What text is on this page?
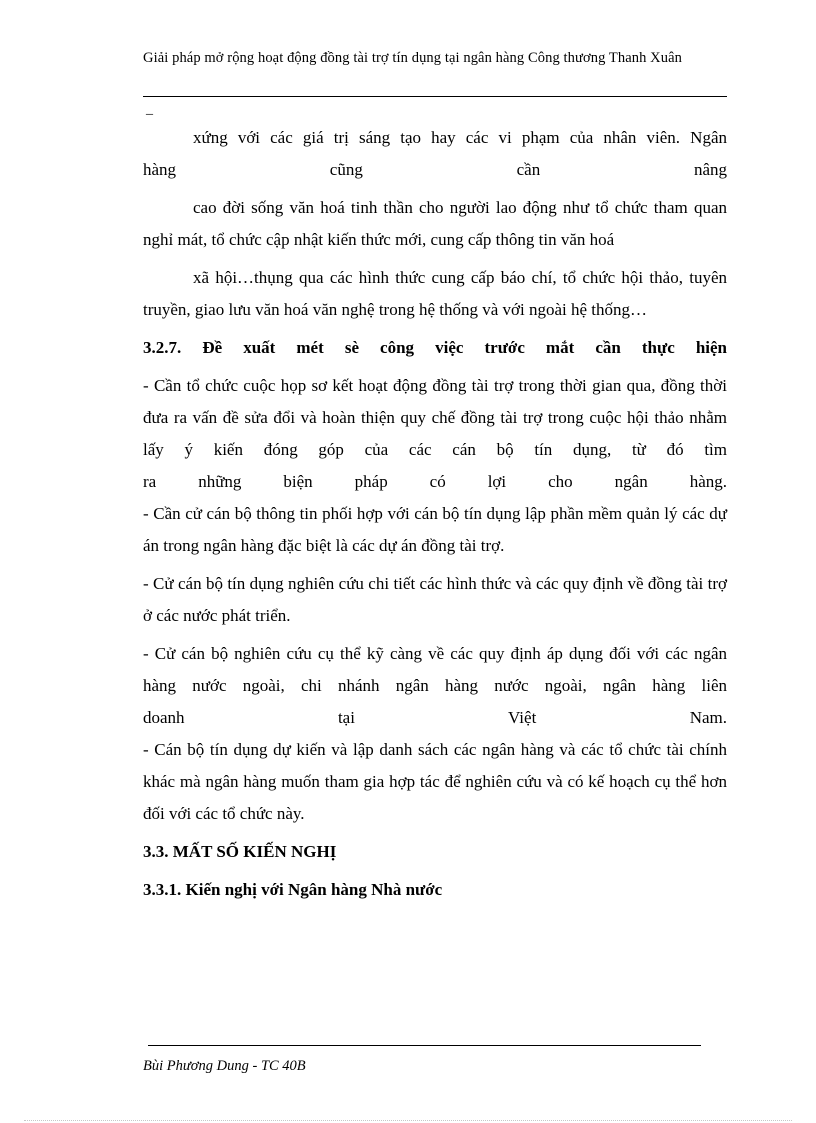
Giải pháp mở rộng hoạt động đồng tài trợ tín dụng tại ngân hàng Công thương Thanh Xuân
_

xứng với các giá trị sáng tạo hay các vi phạm của nhân viên. Ngân

hàng cũng cần nâng

cao đời sống văn hoá tinh thần cho người lao động như tổ chức tham quan nghỉ mát, tổ chức cập nhật kiến thức mới, cung cấp thông tin văn hoá

xã hội…thụng qua các hình thức cung cấp báo chí, tổ chức hội thảo, tuyên truyền, giao lưu văn hoá văn nghệ trong hệ thống và với ngoài hệ thống…

3.2.7. Đề xuất mét sè công việc trước mắt cần thực hiện

- Cần tổ chức cuộc họp sơ kết hoạt động đồng tài trợ trong thời gian qua, đồng thời đưa ra vấn đề sửa đổi và hoàn thiện quy chế đồng tài trợ trong cuộc hội thảo nhằm lấy ý kiến đóng góp của các cán bộ tín dụng, từ đó tìm

ra những biện pháp có lợi cho ngân hàng.

- Cần cử cán bộ thông tin phối hợp với cán bộ tín dụng lập phần mềm quản lý các dự án trong ngân hàng đặc biệt là các dự án đồng tài trợ.

- Cử cán bộ tín dụng nghiên cứu chi tiết các hình thức và các quy định về đồng tài trợ ở các nước phát triển.

- Cử cán bộ nghiên cứu cụ thể kỹ càng về các quy định áp dụng đối với các ngân hàng nước ngoài, chi nhánh ngân hàng nước ngoài, ngân hàng liên

doanh tại Việt Nam.

- Cán bộ tín dụng dự kiến và lập danh sách các ngân hàng và các tổ chức tài chính khác mà ngân hàng muốn tham gia hợp tác để nghiên cứu và có kế hoạch cụ thể hơn đối với các tổ chức này.

3.3. MẤT SỐ KIẾN NGHỊ

3.3.1. Kiến nghị với Ngân hàng Nhà nước

Bùi Phương Dung - TC 40B
